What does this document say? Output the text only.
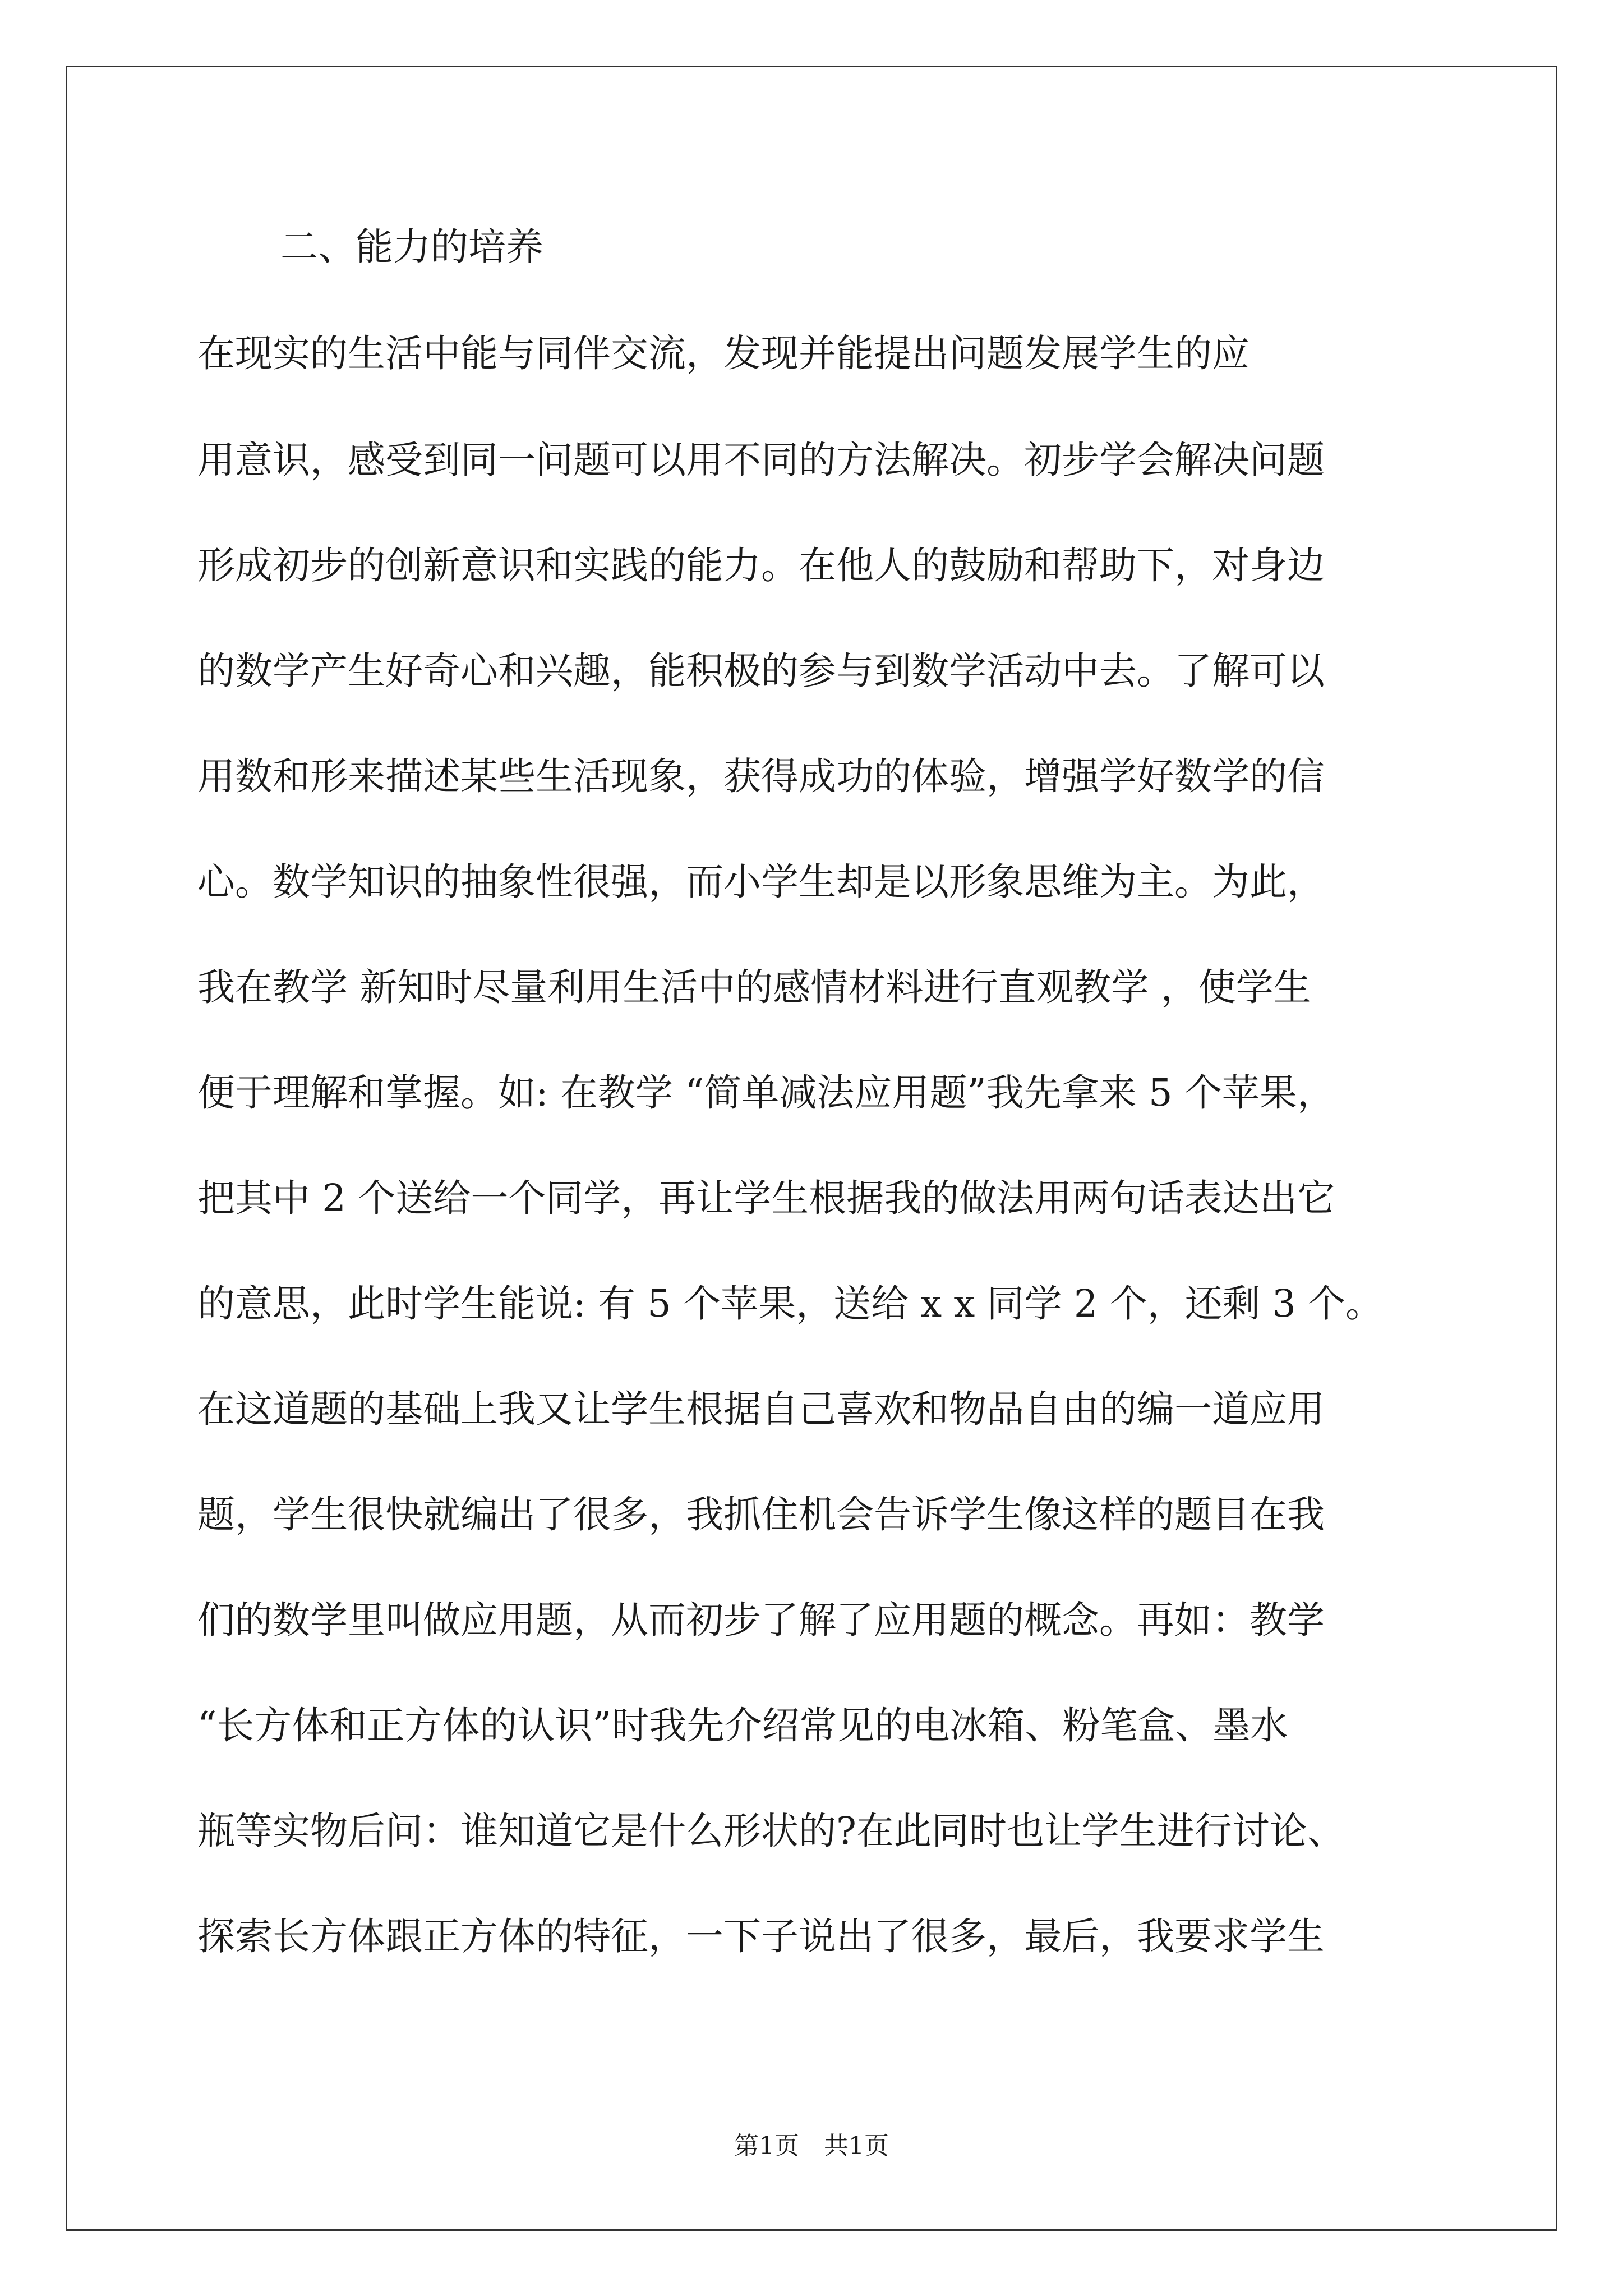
二、能力的培养
在现实的生活中能与同伴交流，发现并能提出问题发展学生的应
用意识，感受到同一问题可以用不同的方法解决。初步学会解决问题
形成初步的创新意识和实践的能力。在他人的鼓励和帮助下，对身边
的数学产生好奇心和兴趣，能积极的参与到数学活动中去。了解可以
用数和形来描述某些生活现象，获得成功的体验，增强学好数学的信
心。数学知识的抽象性很强，而小学生却是以形象思维为主。为此，
我在教学 新知时尽量利用生活中的感情材料进行直观教学 ，使学生
便于理解和掌握。如: 在教学 “简单减法应用题”我先拿来 5 个苹果，
把其中 2 个送给一个同学，再让学生根据我的做法用两句话表达出它
的意思，此时学生能说: 有 5 个苹果，送给 x x 同学 2 个，还剩 3 个。
在这道题的基础上我又让学生根据自己喜欢和物品自由的编一道应用
题，学生很快就编出了很多，我抓住机会告诉学生像这样的题目在我
们的数学里叫做应用题，从而初步了解了应用题的概念。再如：教学
“长方体和正方体的认识”时我先介绍常见的电冰箱、粉笔盒、墨水
瓶等实物后问：谁知道它是什么形状的?在此同时也让学生进行讨论、
探索长方体跟正方体的特征，一下子说出了很多，最后，我要求学生
第1页　共1页
